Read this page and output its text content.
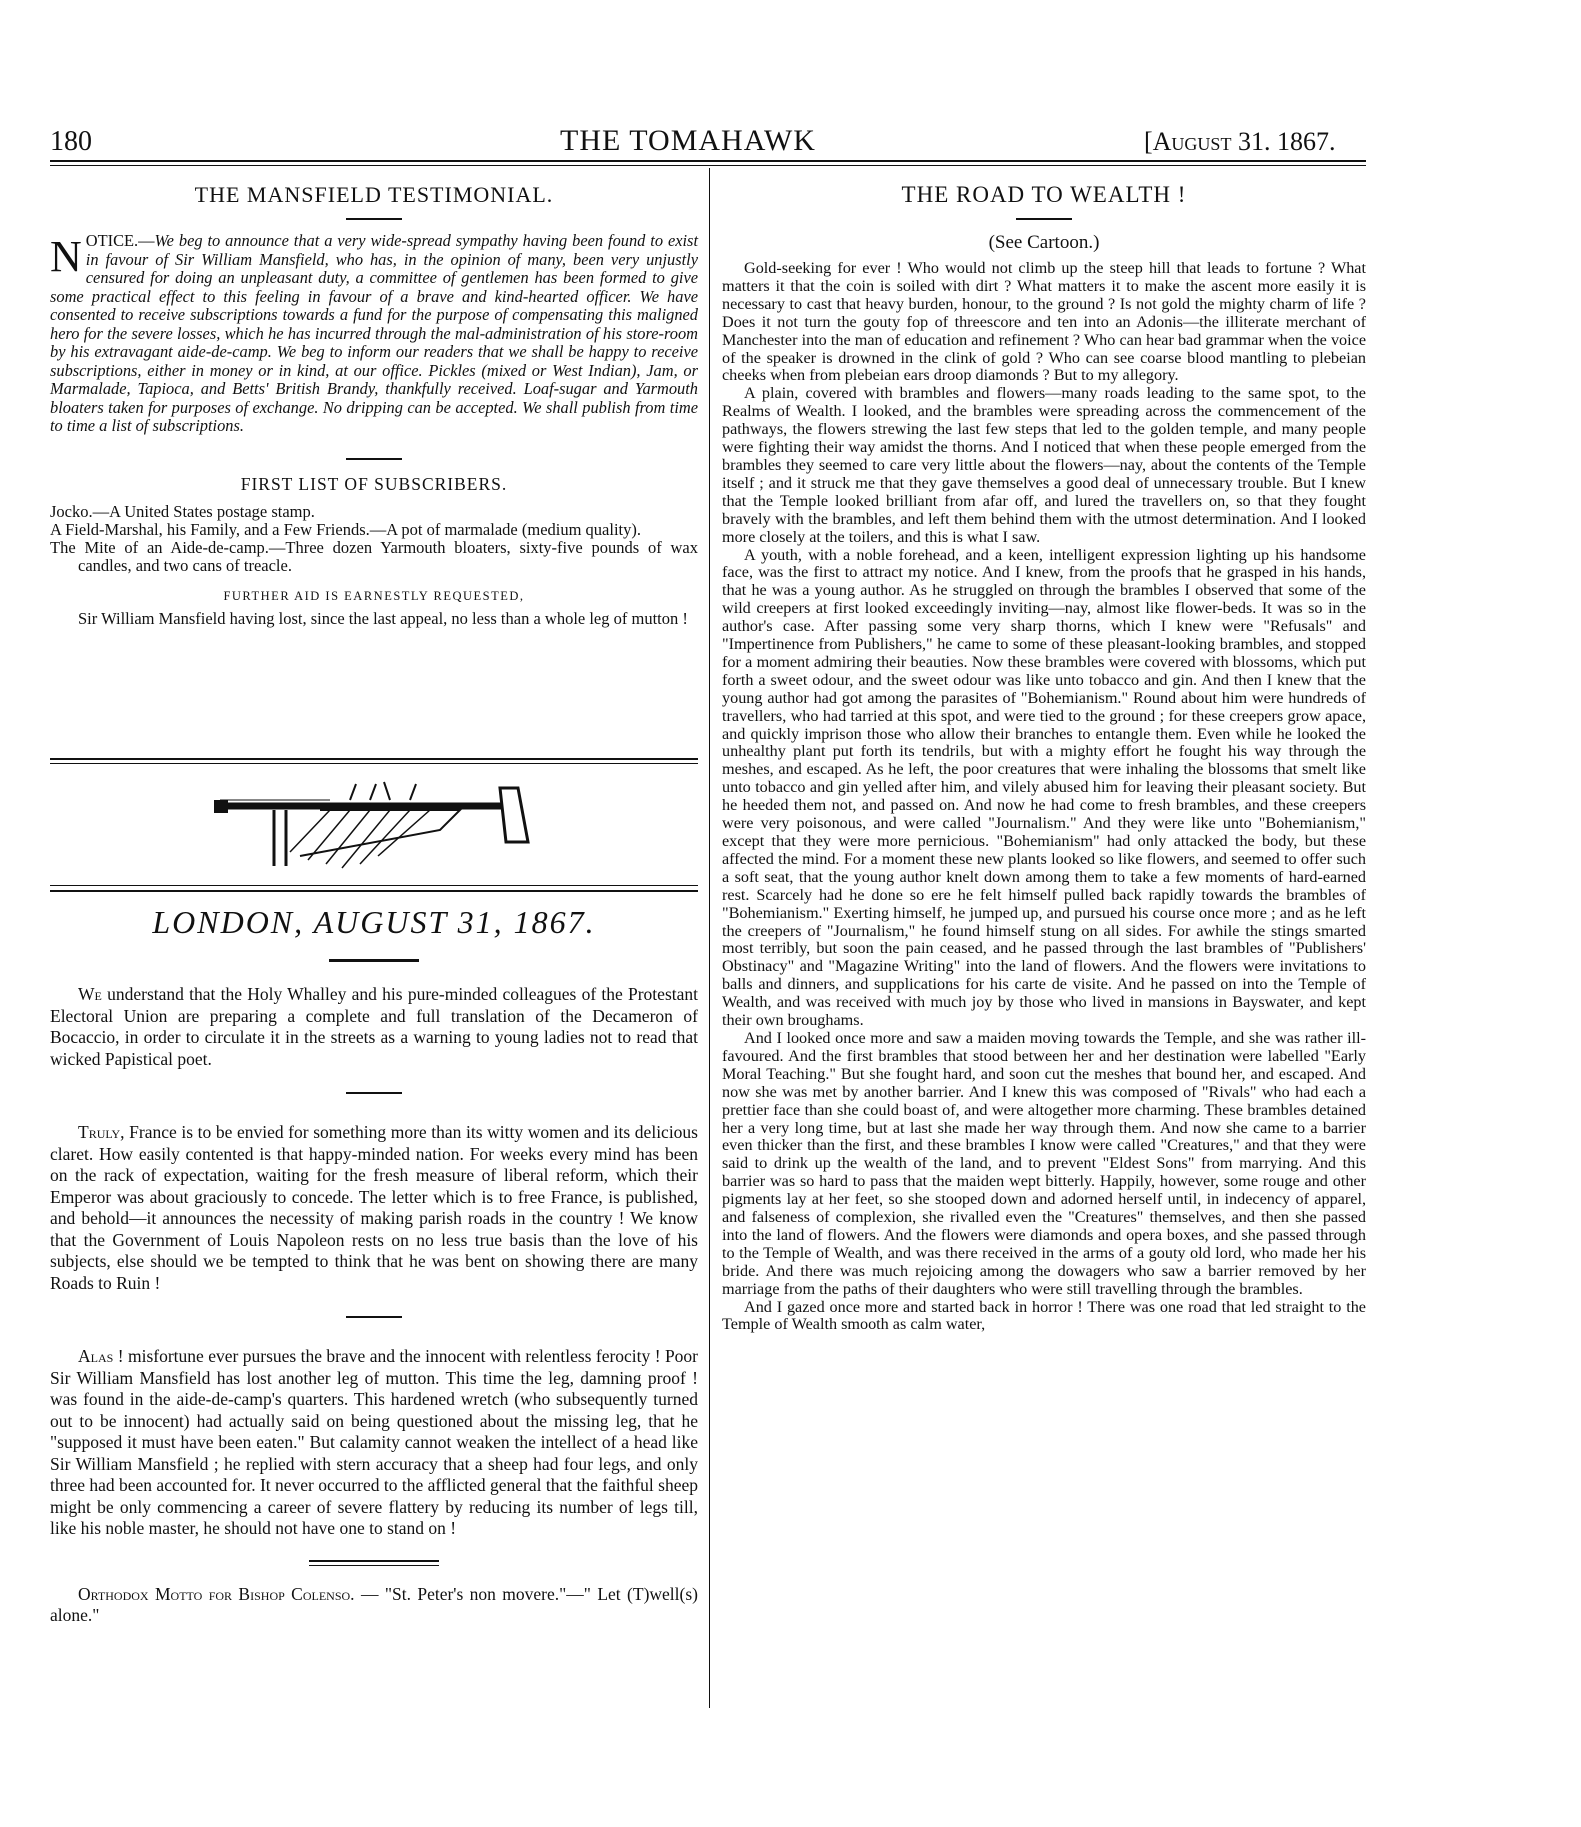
180	THE TOMAHAWK	[August 31. 1867.
THE MANSFIELD TESTIMONIAL.

NOTICE.—We beg to announce that a very wide-spread sympathy having been found to exist in favour of Sir William Mansfield, who has, in the opinion of many, been very unjustly censured for doing an unpleasant duty, a committee of gentlemen has been formed to give some practical effect to this feeling in favour of a brave and kind-hearted officer. We have consented to receive subscriptions towards a fund for the purpose of compensating this maligned hero for the severe losses, which he has incurred through the mal-administration of his store-room by his extravagant aide-de-camp. We beg to inform our readers that we shall be happy to receive subscriptions, either in money or in kind, at our office. Pickles (mixed or West Indian), Jam, or Marmalade, Tapioca, and Betts' British Brandy, thankfully received. Loaf-sugar and Yarmouth bloaters taken for purposes of exchange. No dripping can be accepted. We shall publish from time to time a list of subscriptions.

FIRST LIST OF SUBSCRIBERS.

Jocko.—A United States postage stamp.

A Field-Marshal, his Family, and a Few Friends.—A pot of marmalade (medium quality).

The Mite of an Aide-de-camp.—Three dozen Yarmouth bloaters, sixty-five pounds of wax candles, and two cans of treacle.

FURTHER AID IS EARNESTLY REQUESTED,

Sir William Mansfield having lost, since the last appeal, no less than a whole leg of mutton !

LONDON, AUGUST 31, 1867.

We understand that the Holy Whalley and his pure-minded colleagues of the Protestant Electoral Union are preparing a complete and full translation of the Decameron of Bocaccio, in order to circulate it in the streets as a warning to young ladies not to read that wicked Papistical poet.

Truly, France is to be envied for something more than its witty women and its delicious claret. How easily contented is that happy-minded nation. For weeks every mind has been on the rack of expectation, waiting for the fresh measure of liberal reform, which their Emperor was about graciously to concede. The letter which is to free France, is published, and behold—it announces the necessity of making parish roads in the country ! We know that the Government of Louis Napoleon rests on no less true basis than the love of his subjects, else should we be tempted to think that he was bent on showing there are many Roads to Ruin !

Alas ! misfortune ever pursues the brave and the innocent with relentless ferocity ! Poor Sir William Mansfield has lost another leg of mutton. This time the leg, damning proof ! was found in the aide-de-camp's quarters. This hardened wretch (who subsequently turned out to be innocent) had actually said on being questioned about the missing leg, that he "supposed it must have been eaten." But calamity cannot weaken the intellect of a head like Sir William Mansfield ; he replied with stern accuracy that a sheep had four legs, and only three had been accounted for. It never occurred to the afflicted general that the faithful sheep might be only commencing a career of severe flattery by reducing its number of legs till, like his noble master, he should not have one to stand on !

Orthodox Motto for Bishop Colenso. — "St. Peter's non movere."—" Let (T)well(s) alone."

THE ROAD TO WEALTH !
(See Cartoon.)

Gold-seeking for ever ! Who would not climb up the steep hill that leads to fortune ? What matters it that the coin is soiled with dirt ? What matters it to make the ascent more easily it is necessary to cast that heavy burden, honour, to the ground ? Is not gold the mighty charm of life ? Does it not turn the gouty fop of threescore and ten into an Adonis—the illiterate merchant of Manchester into the man of education and refinement ? Who can hear bad grammar when the voice of the speaker is drowned in the clink of gold ? Who can see coarse blood mantling to plebeian cheeks when from plebeian ears droop diamonds ? But to my allegory.

A plain, covered with brambles and flowers—many roads leading to the same spot, to the Realms of Wealth. I looked, and the brambles were spreading across the commencement of the pathways, the flowers strewing the last few steps that led to the golden temple, and many people were fighting their way amidst the thorns. And I noticed that when these people emerged from the brambles they seemed to care very little about the flowers—nay, about the contents of the Temple itself ; and it struck me that they gave themselves a good deal of unnecessary trouble. But I knew that the Temple looked brilliant from afar off, and lured the travellers on, so that they fought bravely with the brambles, and left them behind them with the utmost determination. And I looked more closely at the toilers, and this is what I saw.

A youth, with a noble forehead, and a keen, intelligent expression lighting up his handsome face, was the first to attract my notice. And I knew, from the proofs that he grasped in his hands, that he was a young author. As he struggled on through the brambles I observed that some of the wild creepers at first looked exceedingly inviting—nay, almost like flower-beds. It was so in the author's case. After passing some very sharp thorns, which I knew were "Refusals" and "Impertinence from Publishers," he came to some of these pleasant-looking brambles, and stopped for a moment admiring their beauties. Now these brambles were covered with blossoms, which put forth a sweet odour, and the sweet odour was like unto tobacco and gin. And then I knew that the young author had got among the parasites of "Bohemianism." Round about him were hundreds of travellers, who had tarried at this spot, and were tied to the ground ; for these creepers grow apace, and quickly imprison those who allow their branches to entangle them. Even while he looked the unhealthy plant put forth its tendrils, but with a mighty effort he fought his way through the meshes, and escaped. As he left, the poor creatures that were inhaling the blossoms that smelt like unto tobacco and gin yelled after him, and vilely abused him for leaving their pleasant society. But he heeded them not, and passed on. And now he had come to fresh brambles, and these creepers were very poisonous, and were called "Journalism." And they were like unto "Bohemianism," except that they were more pernicious. "Bohemianism" had only attacked the body, but these affected the mind. For a moment these new plants looked so like flowers, and seemed to offer such a soft seat, that the young author knelt down among them to take a few moments of hard-earned rest. Scarcely had he done so ere he felt himself pulled back rapidly towards the brambles of "Bohemianism." Exerting himself, he jumped up, and pursued his course once more ; and as he left the creepers of "Journalism," he found himself stung on all sides. For awhile the stings smarted most terribly, but soon the pain ceased, and he passed through the last brambles of "Publishers' Obstinacy" and "Magazine Writing" into the land of flowers. And the flowers were invitations to balls and dinners, and supplications for his carte de visite. And he passed on into the Temple of Wealth, and was received with much joy by those who lived in mansions in Bayswater, and kept their own broughams.

And I looked once more and saw a maiden moving towards the Temple, and she was rather ill-favoured. And the first brambles that stood between her and her destination were labelled "Early Moral Teaching." But she fought hard, and soon cut the meshes that bound her, and escaped. And now she was met by another barrier. And I knew this was composed of "Rivals" who had each a prettier face than she could boast of, and were altogether more charming. These brambles detained her a very long time, but at last she made her way through them. And now she came to a barrier even thicker than the first, and these brambles I know were called "Creatures," and that they were said to drink up the wealth of the land, and to prevent "Eldest Sons" from marrying. And this barrier was so hard to pass that the maiden wept bitterly. Happily, however, some rouge and other pigments lay at her feet, so she stooped down and adorned herself until, in indecency of apparel, and falseness of complexion, she rivalled even the "Creatures" themselves, and then she passed into the land of flowers. And the flowers were diamonds and opera boxes, and she passed through to the Temple of Wealth, and was there received in the arms of a gouty old lord, who made her his bride. And there was much rejoicing among the dowagers who saw a barrier removed by her marriage from the paths of their daughters who were still travelling through the brambles.

And I gazed once more and started back in horror ! There was one road that led straight to the Temple of Wealth smooth as calm water,
